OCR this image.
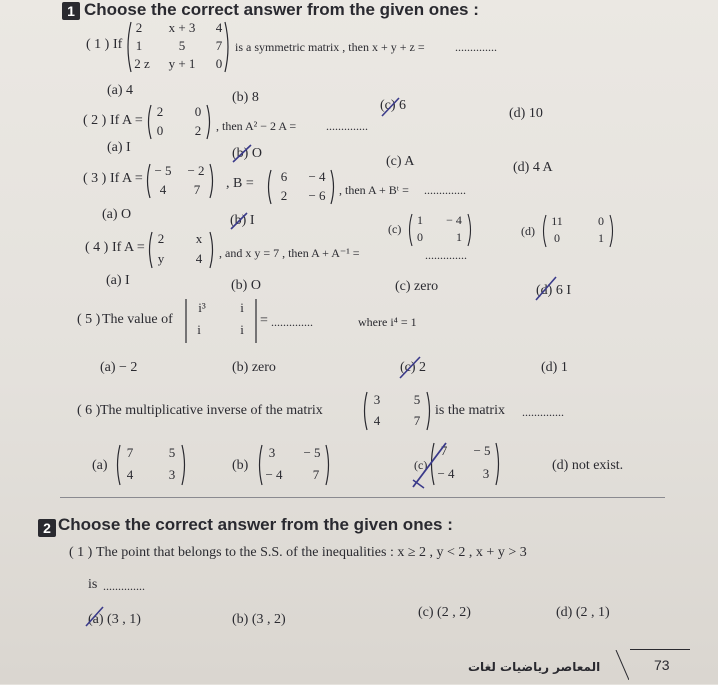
1 Choose the correct answer from the given ones :
( 1 ) If
2	x + 3	4
1	5	7
2 z	y + 1	0
is a symmetric matrix , then x + y + z =	..............
(a) 4	(b) 8
(c) 6
(d) 10
( 2 ) If A =
2	0
0	2	, then A² − 2 A = ..............
(a) I	(b) O
(c) A	(d) 4 A
( 3 ) If A =
− 5	− 2
4	7	, B =	6	− 4
2	− 6	, then A + Bᵗ = ..............
(a) O	(b) I
(c)
1	− 4
0	1	(d)
11	0
0	1
( 4 ) If A =
2	x
y	4	, and x y = 7 , then A + A⁻¹ =	..............
(a) I	(b) O	(c) zero	(d) 6 I
( 5 ) The value of
i³	i
i	i
= ..............	where i⁴ = 1
(a) − 2	(b) zero	(c) 2	(d) 1
( 6 ) The multiplicative inverse of the matrix
3	5
4	7
is the matrix ..............
(a)
7	5
4	3
(b)
3	− 5
− 4	7
(c)
7	− 5
− 4	3
(d) not exist.
2 Choose the correct answer from the given ones :
( 1 ) The point that belongs to the S.S. of the inequalities : x ≥ 2 , y < 2 , x + y > 3
is ..............
(a) (3 , 1)	(b) (3 , 2)	(c) (2 , 2)	(d) (2 , 1)
73
المعاصر رياضيات لغات
